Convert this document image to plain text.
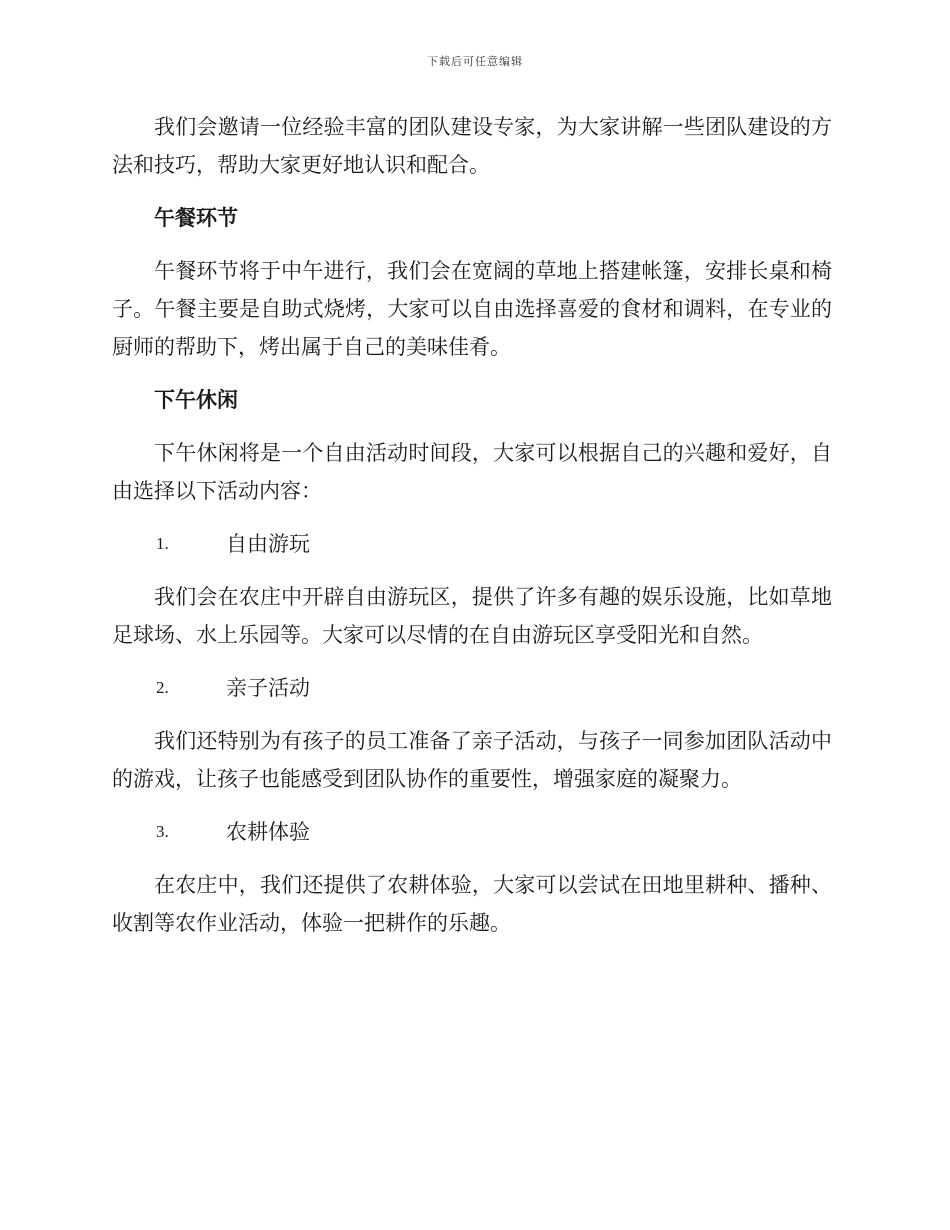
下载后可任意编辑

我们会邀请一位经验丰富的团队建设专家，为大家讲解一些团队建设的方法和技巧，帮助大家更好地认识和配合。

午餐环节

午餐环节将于中午进行，我们会在宽阔的草地上搭建帐篷，安排长桌和椅子。午餐主要是自助式烧烤，大家可以自由选择喜爱的食材和调料，在专业的厨师的帮助下，烤出属于自己的美味佳肴。

下午休闲

下午休闲将是一个自由活动时间段，大家可以根据自己的兴趣和爱好，自由选择以下活动内容：

1.	自由游玩

我们会在农庄中开辟自由游玩区，提供了许多有趣的娱乐设施，比如草地足球场、水上乐园等。大家可以尽情的在自由游玩区享受阳光和自然。

2.	亲子活动

我们还特别为有孩子的员工准备了亲子活动，与孩子一同参加团队活动中的游戏，让孩子也能感受到团队协作的重要性，增强家庭的凝聚力。

3.	农耕体验

在农庄中，我们还提供了农耕体验，大家可以尝试在田地里耕种、播种、收割等农作业活动，体验一把耕作的乐趣。
